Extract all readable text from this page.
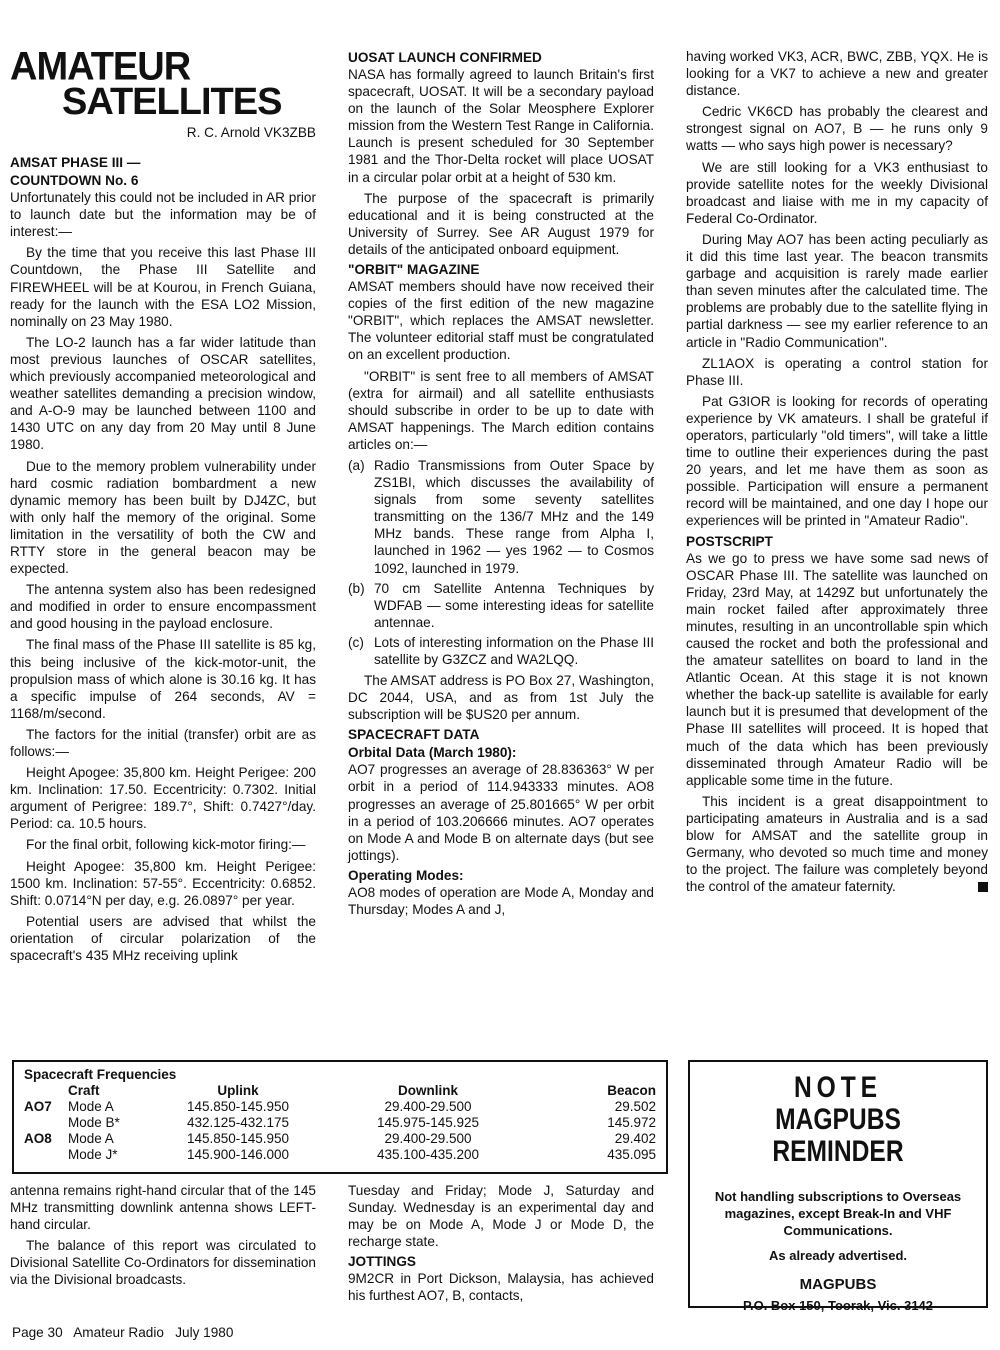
AMATEUR
SATELLITES
R. C. Arnold VK3ZBB
AMSAT PHASE III —
COUNTDOWN No. 6

Unfortunately this could not be included in AR prior to launch date but the information may be of interest:—

By the time that you receive this last Phase III Countdown, the Phase III Satellite and FIREWHEEL will be at Kourou, in French Guiana, ready for the launch with the ESA LO2 Mission, nominally on 23 May 1980.

The LO-2 launch has a far wider latitude than most previous launches of OSCAR satellites, which previously accompanied meteorological and weather satellites demanding a precision window, and A-O-9 may be launched between 1100 and 1430 UTC on any day from 20 May until 8 June 1980.

Due to the memory problem vulnerability under hard cosmic radiation bombardment a new dynamic memory has been built by DJ4ZC, but with only half the memory of the original. Some limitation in the versatility of both the CW and RTTY store in the general beacon may be expected.

The antenna system also has been redesigned and modified in order to ensure encompassment and good housing in the payload enclosure.

The final mass of the Phase III satellite is 85 kg, this being inclusive of the kick-motor-unit, the propulsion mass of which alone is 30.16 kg. It has a specific impulse of 264 seconds, AV = 1168/m/second.

The factors for the initial (transfer) orbit are as follows:—

Height Apogee: 35,800 km. Height Perigee: 200 km. Inclination: 17.50. Eccentricity: 0.7302. Initial argument of Perigree: 189.7°, Shift: 0.7427°/day. Period: ca. 10.5 hours.

For the final orbit, following kick-motor firing:—

Height Apogee: 35,800 km. Height Perigee: 1500 km. Inclination: 57-55°. Eccentricity: 0.6852. Shift: 0.0714°N per day, e.g. 26.0897° per year.

Potential users are advised that whilst the orientation of circular polarization of the spacecraft's 435 MHz receiving uplink

antenna remains right-hand circular that of the 145 MHz transmitting downlink antenna shows LEFT-hand circular.

The balance of this report was circulated to Divisional Satellite Co-Ordinators for dissemination via the Divisional broadcasts.

UOSAT LAUNCH CONFIRMED

NASA has formally agreed to launch Britain's first spacecraft, UOSAT. It will be a secondary payload on the launch of the Solar Meosphere Explorer mission from the Western Test Range in California. Launch is present scheduled for 30 September 1981 and the Thor-Delta rocket will place UOSAT in a circular polar orbit at a height of 530 km.

The purpose of the spacecraft is primarily educational and it is being constructed at the University of Surrey. See AR August 1979 for details of the anticipated onboard equipment.

"ORBIT" MAGAZINE

AMSAT members should have now received their copies of the first edition of the new magazine "ORBIT", which replaces the AMSAT newsletter. The volunteer editorial staff must be congratulated on an excellent production.

"ORBIT" is sent free to all members of AMSAT (extra for airmail) and all satellite enthusiasts should subscribe in order to be up to date with AMSAT happenings. The March edition contains articles on:—

(a) Radio Transmissions from Outer Space by ZS1BI, which discusses the availability of signals from some seventy satellites transmitting on the 136/7 MHz and the 149 MHz bands. These range from Alpha I, launched in 1962 — yes 1962 — to Cosmos 1092, launched in 1979.
(b) 70 cm Satellite Antenna Techniques by WDFAB — some interesting ideas for satellite antennae.
(c) Lots of interesting information on the Phase III satellite by G3ZCZ and WA2LQQ.

The AMSAT address is PO Box 27, Washington, DC 2044, USA, and as from 1st July the subscription will be $US20 per annum.

SPACECRAFT DATA
Orbital Data (March 1980):

AO7 progresses an average of 28.836363° W per orbit in a period of 114.943333 minutes. AO8 progresses an average of 25.801665° W per orbit in a period of 103.206666 minutes. AO7 operates on Mode A and Mode B on alternate days (but see jottings).

Operating Modes:

AO8 modes of operation are Mode A, Monday and Thursday; Modes A and J,

Tuesday and Friday; Mode J, Saturday and Sunday. Wednesday is an experimental day and may be on Mode A, Mode J or Mode D, the recharge state.

JOTTINGS

9M2CR in Port Dickson, Malaysia, has achieved his furthest AO7, B, contacts,

having worked VK3, ACR, BWC, ZBB, YQX. He is looking for a VK7 to achieve a new and greater distance.

Cedric VK6CD has probably the clearest and strongest signal on AO7, B — he runs only 9 watts — who says high power is necessary?

We are still looking for a VK3 enthusiast to provide satellite notes for the weekly Divisional broadcast and liaise with me in my capacity of Federal Co-Ordinator.

During May AO7 has been acting peculiarly as it did this time last year. The beacon transmits garbage and acquisition is rarely made earlier than seven minutes after the calculated time. The problems are probably due to the satellite flying in partial darkness — see my earlier reference to an article in "Radio Communication".

ZL1AOX is operating a control station for Phase III.

Pat G3IOR is looking for records of operating experience by VK amateurs. I shall be grateful if operators, particularly "old timers", will take a little time to outline their experiences during the past 20 years, and let me have them as soon as possible. Participation will ensure a permanent record will be maintained, and one day I hope our experiences will be printed in "Amateur Radio".

POSTSCRIPT

As we go to press we have some sad news of OSCAR Phase III. The satellite was launched on Friday, 23rd May, at 1429Z but unfortunately the main rocket failed after approximately three minutes, resulting in an uncontrollable spin which caused the rocket and both the professional and the amateur satellites on board to land in the Atlantic Ocean. At this stage it is not known whether the back-up satellite is available for early launch but it is presumed that development of the Phase III satellites will proceed. It is hoped that much of the data which has been previously disseminated through Amateur Radio will be applicable some time in the future.

This incident is a great disappointment to participating amateurs in Australia and is a sad blow for AMSAT and the satellite group in Germany, who devoted so much time and money to the project. The failure was completely beyond the control of the amateur faternity.

Spacecraft Frequencies
	Craft	Uplink	Downlink	Beacon
AO7	Mode A	145.850-145.950	29.400-29.500	29.502
	Mode B*	432.125-432.175	145.975-145.925	145.972
AO8	Mode A	145.850-145.950	29.400-29.500	29.402
	Mode J*	145.900-146.000	435.100-435.200	435.095
NOTE
MAGPUBS REMINDER
Not handling subscriptions to Overseas magazines, except Break-In and VHF Communications.
As already advertised.
MAGPUBS
P.O. Box 150, Toorak, Vic. 3142
Page 30   Amateur Radio   July 1980
